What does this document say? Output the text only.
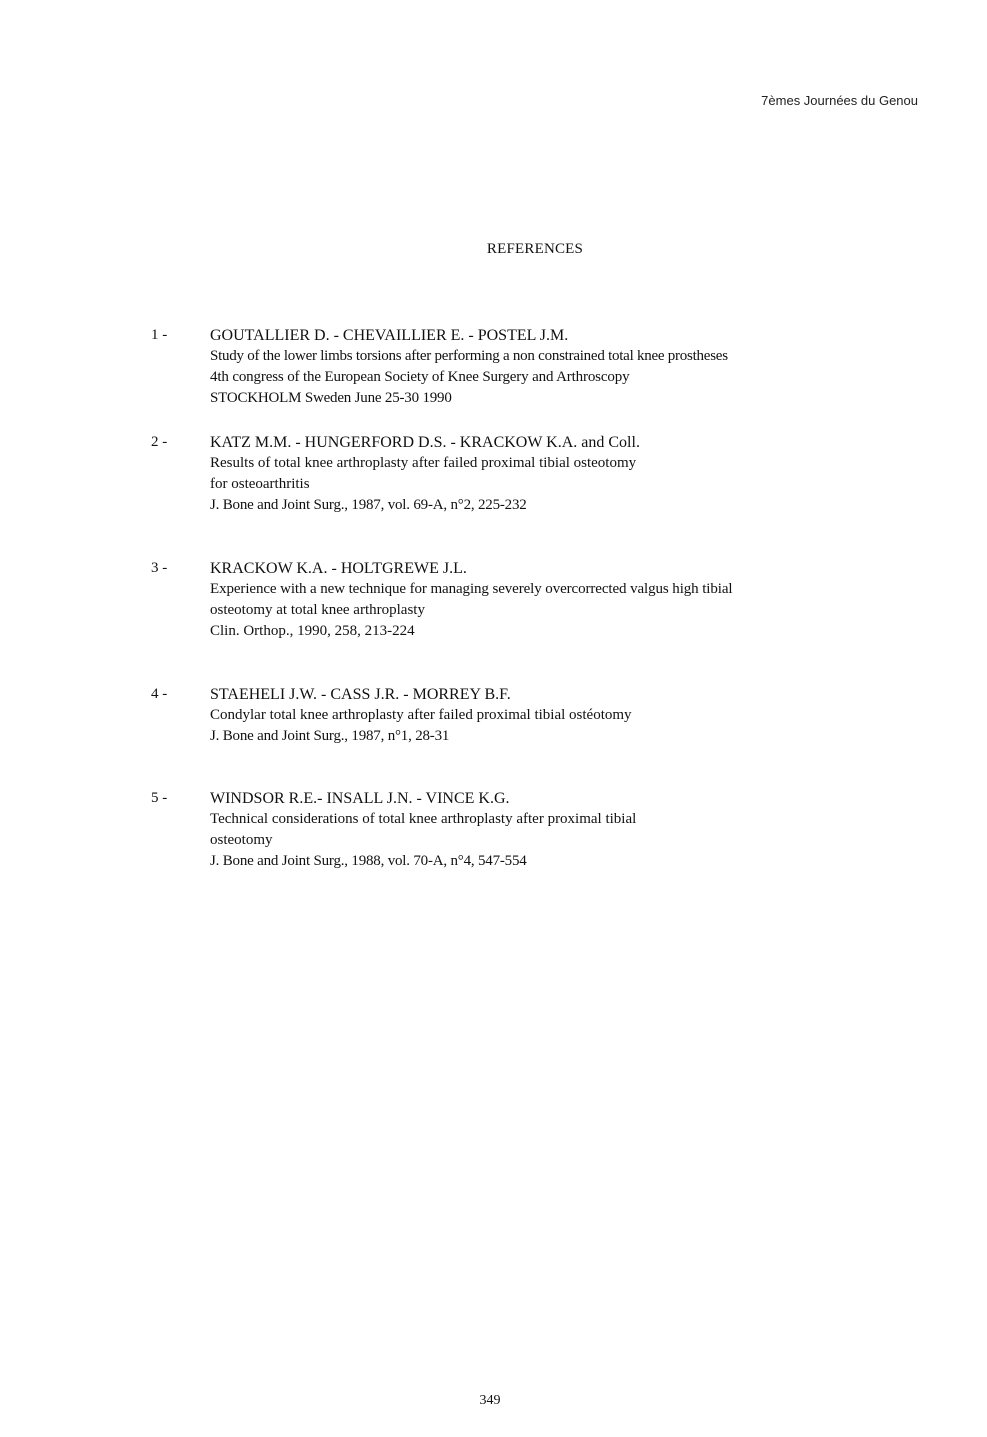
7èmes Journées du Genou
REFERENCES
1 -	GOUTALLIER D. - CHEVAILLIER E. - POSTEL J.M.
Study of the lower limbs torsions after performing a non constrained total knee prostheses
4th congress of the European Society of Knee Surgery and Arthroscopy
STOCKHOLM Sweden June 25-30 1990
2 -	KATZ M.M. - HUNGERFORD D.S. - KRACKOW K.A. and Coll.
Results of total knee arthroplasty after failed proximal tibial osteotomy
for osteoarthritis
J. Bone and Joint Surg., 1987, vol. 69-A, n°2, 225-232
3 -	KRACKOW K.A. - HOLTGREWE J.L.
Experience with a new technique for managing severely overcorrected valgus high tibial
osteotomy at total knee arthroplasty
Clin. Orthop., 1990, 258, 213-224
4 -	STAEHELI J.W. - CASS J.R. - MORREY B.F.
Condylar total knee arthroplasty after failed proximal tibial ostéotomy
J. Bone and Joint Surg., 1987, n°1, 28-31
5 -	WINDSOR R.E.- INSALL J.N. - VINCE K.G.
Technical considerations of total knee arthroplasty after proximal tibial
osteotomy
J. Bone and Joint Surg., 1988, vol. 70-A, n°4, 547-554
349
